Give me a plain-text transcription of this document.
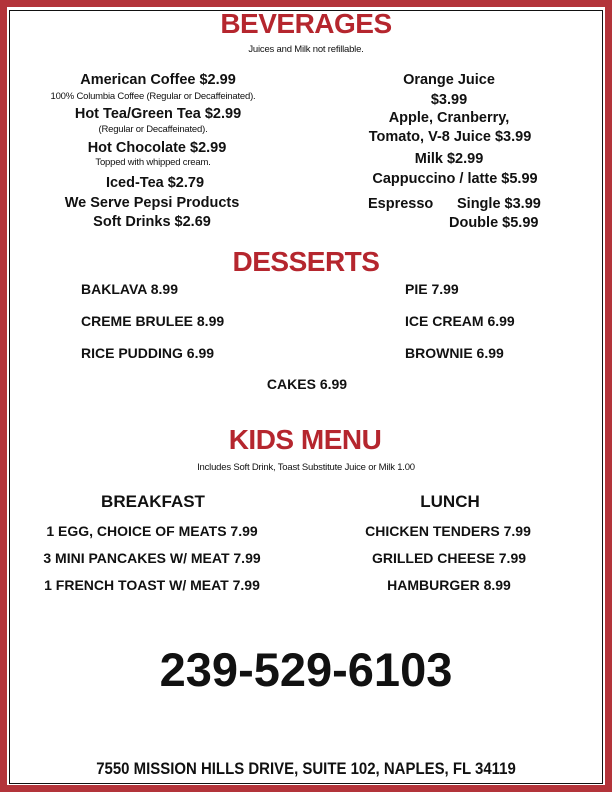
BEVERAGES
Juices and Milk not refillable.
American Coffee $2.99
100% Columbia Coffee (Regular or Decaffeinated).
Hot Tea/Green Tea $2.99
(Regular or Decaffeinated).
Hot Chocolate $2.99
Topped with whipped cream.
Iced-Tea $2.79
We Serve Pepsi Products
Soft Drinks $2.69
Orange Juice
$3.99
Apple, Cranberry,
Tomato, V-8 Juice $3.99
Milk $2.99
Cappuccino / latte $5.99
Espresso Single $3.99
Double $5.99
DESSERTS
BAKLAVA 8.99
CREME BRULEE 8.99
RICE PUDDING 6.99
PIE 7.99
ICE CREAM 6.99
BROWNIE 6.99
CAKES 6.99
KIDS MENU
Includes Soft Drink, Toast Substitute Juice or Milk 1.00
BREAKFAST	LUNCH
1 EGG, CHOICE OF MEATS 7.99
3 MINI PANCAKES W/ MEAT 7.99
1 FRENCH TOAST W/ MEAT 7.99
CHICKEN TENDERS 7.99
GRILLED CHEESE 7.99
HAMBURGER 8.99
239-529-6103
7550 MISSION HILLS DRIVE, SUITE 102, NAPLES, FL 34119
